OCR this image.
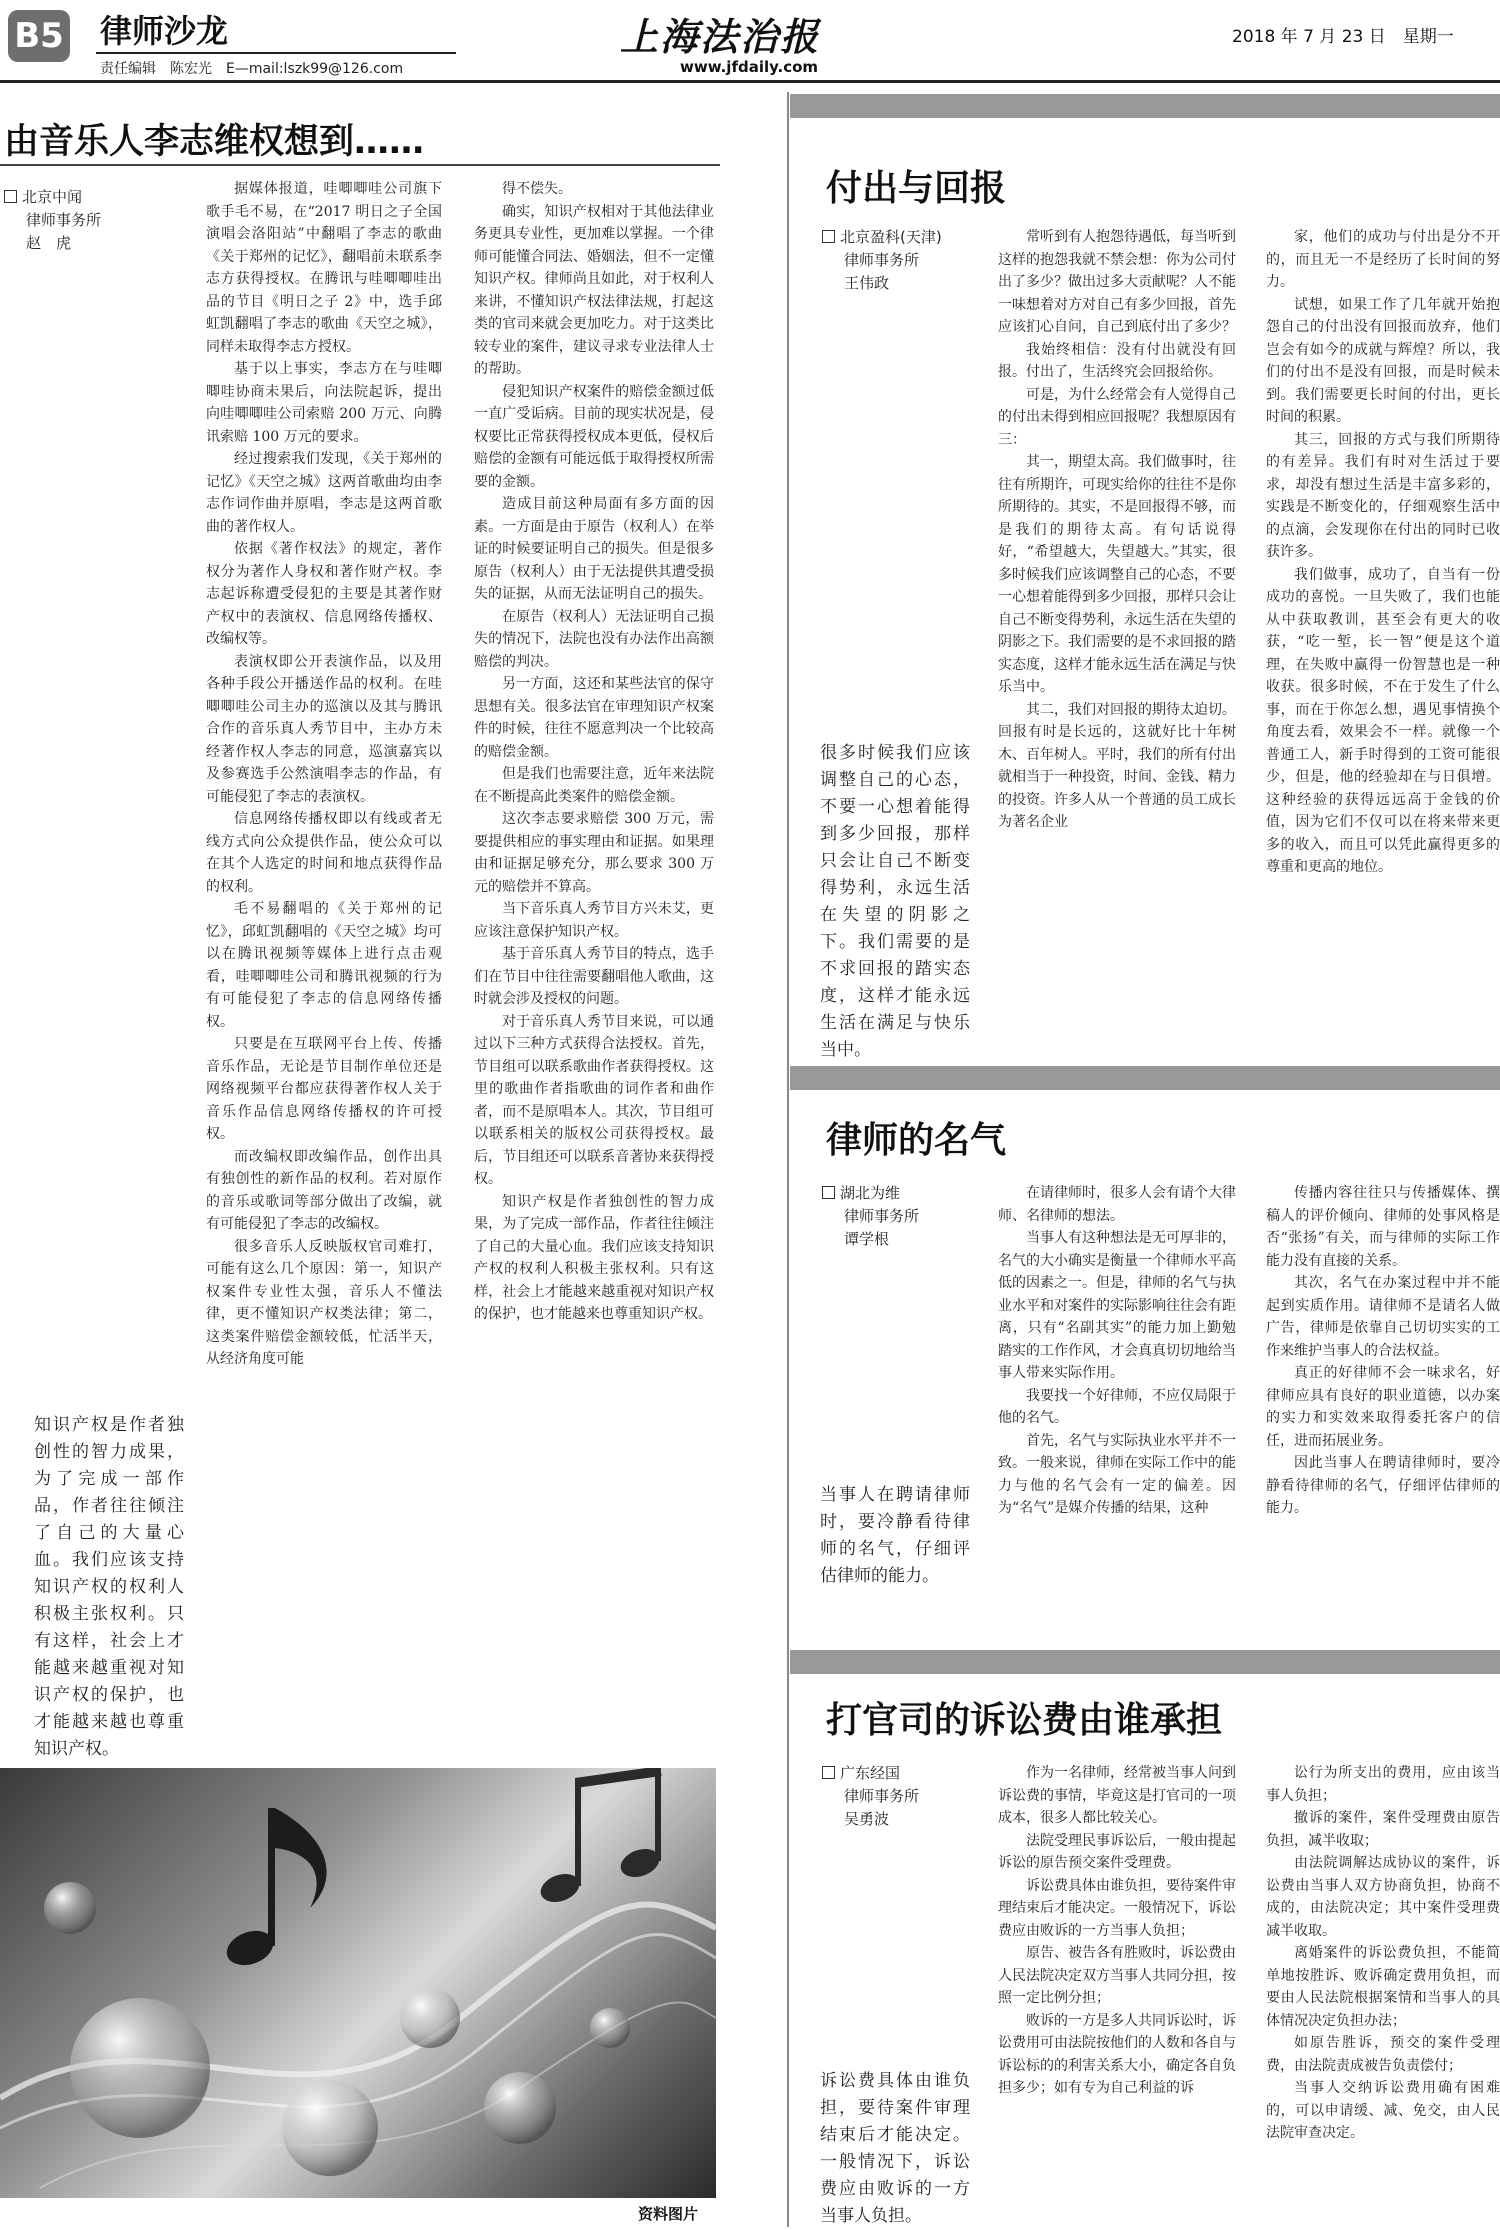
B5 律师沙龙
责任编辑　陈宏光　E—mail:lszk99@126.com
上海法治报
www.jfdaily.com
2018 年 7 月 23 日　星期一
由音乐人李志维权想到……
北京中闻
律师事务所
赵　虎
知识产权是作者独创性的智力成果，为了完成一部作品，作者往往倾注了自己的大量心血。我们应该支持知识产权的权利人积极主张权利。只有这样，社会上才能越来越重视对知识产权的保护，也才能越来越也尊重知识产权。

据媒体报道，哇唧唧哇公司旗下歌手毛不易，在“2017 明日之子全国演唱会洛阳站”中翻唱了李志的歌曲《关于郑州的记忆》，翻唱前未联系李志方获得授权。在腾讯与哇唧唧哇出品的节目《明日之子 2》中，选手邱虹凯翻唱了李志的歌曲《天空之城》，同样未取得李志方授权。

基于以上事实，李志方在与哇唧唧哇协商未果后，向法院起诉，提出向哇唧唧哇公司索赔 200 万元、向腾讯索赔 100 万元的要求。

经过搜索我们发现，《关于郑州的记忆》《天空之城》这两首歌曲均由李志作词作曲并原唱，李志是这两首歌曲的著作权人。

依据《著作权法》的规定，著作权分为著作人身权和著作财产权。李志起诉称遭受侵犯的主要是其著作财产权中的表演权、信息网络传播权、改编权等。

表演权即公开表演作品，以及用各种手段公开播送作品的权利。在哇唧唧哇公司主办的巡演以及其与腾讯合作的音乐真人秀节目中，主办方未经著作权人李志的同意，巡演嘉宾以及参赛选手公然演唱李志的作品，有可能侵犯了李志的表演权。

信息网络传播权即以有线或者无线方式向公众提供作品，使公众可以在其个人选定的时间和地点获得作品的权利。

毛不易翻唱的《关于郑州的记忆》，邱虹凯翻唱的《天空之城》均可以在腾讯视频等媒体上进行点击观看，哇唧唧哇公司和腾讯视频的行为有可能侵犯了李志的信息网络传播权。

只要是在互联网平台上传、传播音乐作品，无论是节目制作单位还是网络视频平台都应获得著作权人关于音乐作品信息网络传播权的许可授权。

而改编权即改编作品，创作出具有独创性的新作品的权利。若对原作的音乐或歌词等部分做出了改编，就有可能侵犯了李志的改编权。

很多音乐人反映版权官司难打，可能有这么几个原因：第一，知识产权案件专业性太强，音乐人不懂法律，更不懂知识产权类法律；第二，这类案件赔偿金额较低，忙活半天，从经济角度可能

得不偿失。

确实，知识产权相对于其他法律业务更具专业性，更加难以掌握。一个律师可能懂合同法、婚姻法，但不一定懂知识产权。律师尚且如此，对于权利人来讲，不懂知识产权法律法规，打起这类的官司来就会更加吃力。对于这类比较专业的案件，建议寻求专业法律人士的帮助。

侵犯知识产权案件的赔偿金额过低一直广受诟病。目前的现实状况是，侵权要比正常获得授权成本更低，侵权后赔偿的金额有可能远低于取得授权所需要的金额。

造成目前这种局面有多方面的因素。一方面是由于原告（权利人）在举证的时候要证明自己的损失。但是很多原告（权利人）由于无法提供其遭受损失的证据，从而无法证明自己的损失。

在原告（权利人）无法证明自己损失的情况下，法院也没有办法作出高额赔偿的判决。

另一方面，这还和某些法官的保守思想有关。很多法官在审理知识产权案件的时候，往往不愿意判决一个比较高的赔偿金额。

但是我们也需要注意，近年来法院在不断提高此类案件的赔偿金额。

这次李志要求赔偿 300 万元，需要提供相应的事实理由和证据。如果理由和证据足够充分，那么要求 300 万元的赔偿并不算高。

当下音乐真人秀节目方兴未艾，更应该注意保护知识产权。

基于音乐真人秀节目的特点，选手们在节目中往往需要翻唱他人歌曲，这时就会涉及授权的问题。

对于音乐真人秀节目来说，可以通过以下三种方式获得合法授权。首先，节目组可以联系歌曲作者获得授权。这里的歌曲作者指歌曲的词作者和曲作者，而不是原唱本人。其次，节目组可以联系相关的版权公司获得授权。最后，节目组还可以联系音著协来获得授权。

知识产权是作者独创性的智力成果，为了完成一部作品，作者往往倾注了自己的大量心血。我们应该支持知识产权的权利人积极主张权利。只有这样，社会上才能越来越重视对知识产权的保护，也才能越来也尊重知识产权。

资料图片
付出与回报
北京盈科(天津)
律师事务所
王伟政
很多时候我们应该调整自己的心态，不要一心想着能得到多少回报，那样只会让自己不断变得势利，永远生活在失望的阴影之下。我们需要的是不求回报的踏实态度，这样才能永远生活在满足与快乐当中。

常听到有人抱怨待遇低，每当听到这样的抱怨我就不禁会想：你为公司付出了多少？做出过多大贡献呢？人不能一味想着对方对自己有多少回报，首先应该扪心自问，自己到底付出了多少？

我始终相信：没有付出就没有回报。付出了，生活终究会回报给你。

可是，为什么经常会有人觉得自己的付出未得到相应回报呢？我想原因有三：

其一，期望太高。我们做事时，往往有所期许，可现实给你的往往不是你所期待的。其实，不是回报得不够，而是我们的期待太高。有句话说得好，“希望越大，失望越大。”其实，很多时候我们应该调整自己的心态，不要一心想着能得到多少回报，那样只会让自己不断变得势利，永远生活在失望的阴影之下。我们需要的是不求回报的踏实态度，这样才能永远生活在满足与快乐当中。

其二，我们对回报的期待太迫切。回报有时是长远的，这就好比十年树木、百年树人。平时，我们的所有付出就相当于一种投资，时间、金钱、精力的投资。许多人从一个普通的员工成长为著名企业

家，他们的成功与付出是分不开的，而且无一不是经历了长时间的努力。

试想，如果工作了几年就开始抱怨自己的付出没有回报而放弃，他们岂会有如今的成就与辉煌？所以，我们的付出不是没有回报，而是时候未到。我们需要更长时间的付出，更长时间的积累。

其三，回报的方式与我们所期待的有差异。我们有时对生活过于要求，却没有想过生活是丰富多彩的，实践是不断变化的，仔细观察生活中的点滴，会发现你在付出的同时已收获许多。

我们做事，成功了，自当有一份成功的喜悦。一旦失败了，我们也能从中获取教训，甚至会有更大的收获，“吃一堑，长一智”便是这个道理，在失败中赢得一份智慧也是一种收获。很多时候，不在于发生了什么事，而在于你怎么想，遇见事情换个角度去看，效果会不一样。就像一个普通工人，新手时得到的工资可能很少，但是，他的经验却在与日俱增。这种经验的获得远远高于金钱的价值，因为它们不仅可以在将来带来更多的收入，而且可以凭此赢得更多的尊重和更高的地位。

律师的名气
湖北为维
律师事务所
谭学根
当事人在聘请律师时，要冷静看待律师的名气，仔细评估律师的能力。

在请律师时，很多人会有请个大律师、名律师的想法。

当事人有这种想法是无可厚非的，名气的大小确实是衡量一个律师水平高低的因素之一。但是，律师的名气与执业水平和对案件的实际影响往往会有距离，只有“名副其实”的能力加上勤勉踏实的工作作风，才会真真切切地给当事人带来实际作用。

我要找一个好律师，不应仅局限于他的名气。

首先，名气与实际执业水平并不一致。一般来说，律师在实际工作中的能力与他的名气会有一定的偏差。因为“名气”是媒介传播的结果，这种

传播内容往往只与传播媒体、撰稿人的评价倾向、律师的处事风格是否“张扬”有关，而与律师的实际工作能力没有直接的关系。

其次，名气在办案过程中并不能起到实质作用。请律师不是请名人做广告，律师是依靠自己切切实实的工作来维护当事人的合法权益。

真正的好律师不会一味求名，好律师应具有良好的职业道德，以办案的实力和实效来取得委托客户的信任，进而拓展业务。

因此当事人在聘请律师时，要冷静看待律师的名气，仔细评估律师的能力。

打官司的诉讼费由谁承担
广东经国
律师事务所
吴勇波
诉讼费具体由谁负担，要待案件审理结束后才能决定。一般情况下，诉讼费应由败诉的一方当事人负担。

作为一名律师，经常被当事人问到诉讼费的事情，毕竟这是打官司的一项成本，很多人都比较关心。

法院受理民事诉讼后，一般由提起诉讼的原告预交案件受理费。

诉讼费具体由谁负担，要待案件审理结束后才能决定。一般情况下，诉讼费应由败诉的一方当事人负担；

原告、被告各有胜败时，诉讼费由人民法院决定双方当事人共同分担，按照一定比例分担；

败诉的一方是多人共同诉讼时，诉讼费用可由法院按他们的人数和各自与诉讼标的的利害关系大小，确定各自负担多少；如有专为自己利益的诉

讼行为所支出的费用，应由该当事人负担；

撤诉的案件，案件受理费由原告负担，减半收取；

由法院调解达成协议的案件，诉讼费由当事人双方协商负担，协商不成的，由法院决定；其中案件受理费减半收取。

离婚案件的诉讼费负担，不能简单地按胜诉、败诉确定费用负担，而要由人民法院根据案情和当事人的具体情况决定负担办法；

如原告胜诉，预交的案件受理费，由法院责成被告负责偿付；

当事人交纳诉讼费用确有困难的，可以申请缓、减、免交，由人民法院审查决定。
